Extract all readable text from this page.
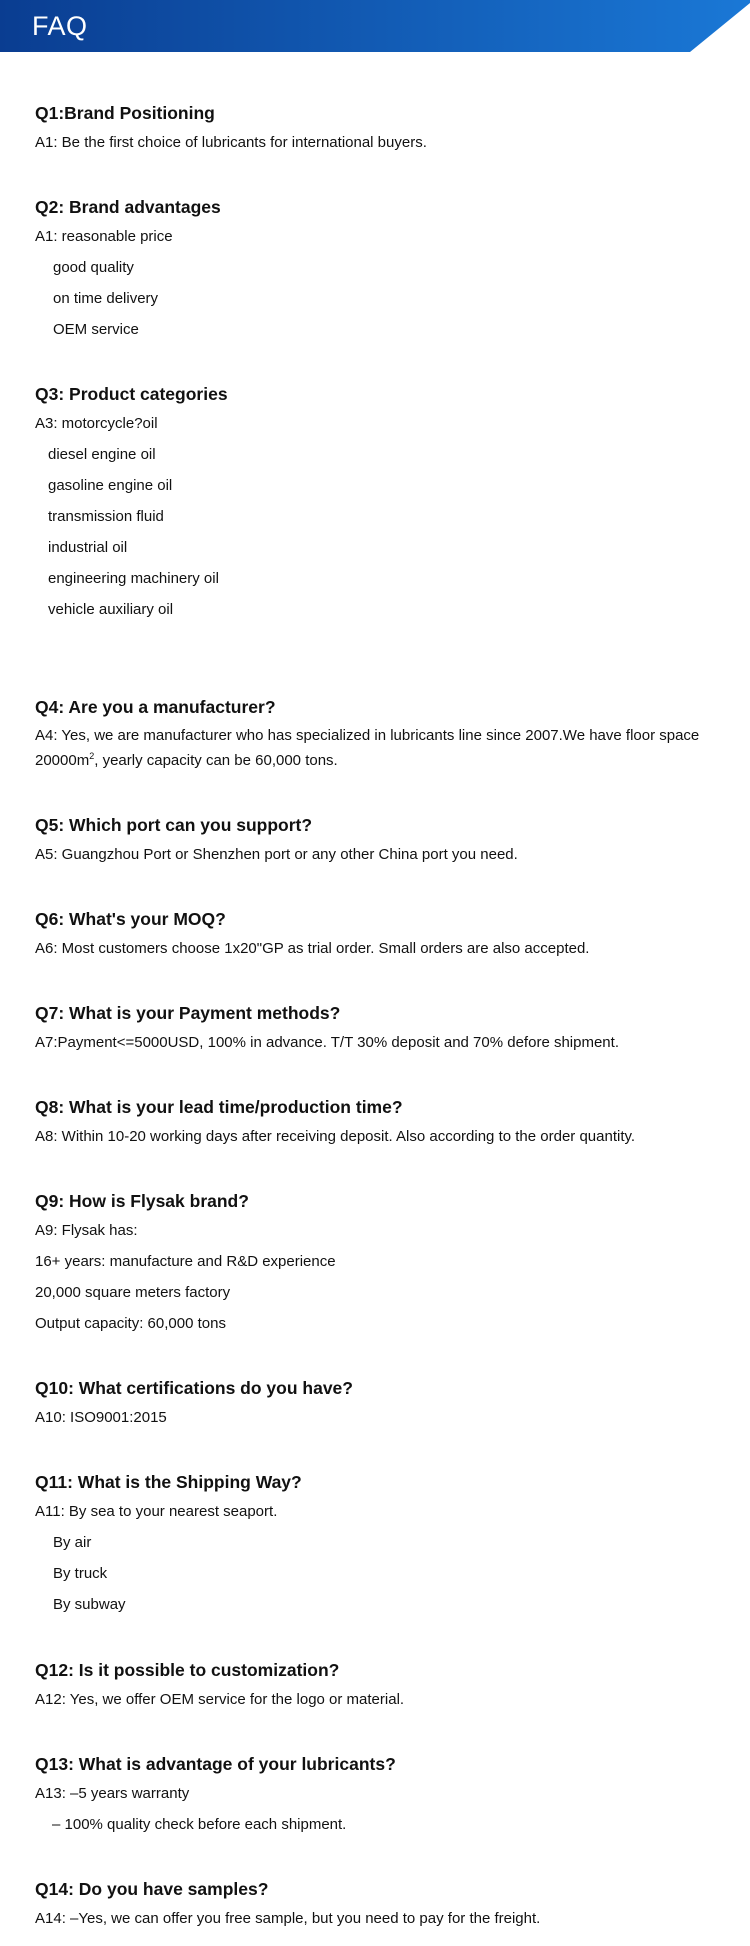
FAQ

Q1:Brand Positioning

A1: Be the first choice of lubricants for international buyers.

Q2: Brand advantages

A1: reasonable price

good quality

on time delivery

OEM service

Q3: Product categories

A3: motorcycle?oil

diesel engine oil

gasoline engine oil

transmission fluid

industrial oil

engineering machinery oil

vehicle auxiliary oil

Q4: Are you a manufacturer?

A4: Yes, we are manufacturer who has specialized in lubricants line since 2007.We have floor space $20000m^2$, yearly capacity can be 60,000 tons.

Q5: Which port can you support?

A5: Guangzhou Port or Shenzhen port or any other China port you need.

Q6: What's your MOQ?

A6: Most customers choose 1x20"GP as trial order. Small orders are also accepted.

Q7: What is your Payment methods?

A7:Payment<=5000USD, 100% in advance. T/T 30% deposit and 70% defore shipment.

Q8: What is your lead time/production time?

A8: Within 10-20 working days after receiving deposit. Also according to the order quantity.

Q9: How is Flysak brand?

A9: Flysak has:

16+ years: manufacture and R&D experience

20,000 square meters factory

Output capacity: 60,000 tons

Q10: What certifications do you have?

A10: ISO9001:2015

Q11: What is the Shipping Way?

A11: By sea to your nearest seaport.

By air

By truck

By subway

Q12: Is it possible to customization?

A12: Yes, we offer OEM service for the logo or material.

Q13: What is advantage of your lubricants?

A13: –5 years warranty

– 100% quality check before each shipment.

Q14: Do you have samples?

A14: –Yes, we can offer you free sample, but you need to pay for the freight.
